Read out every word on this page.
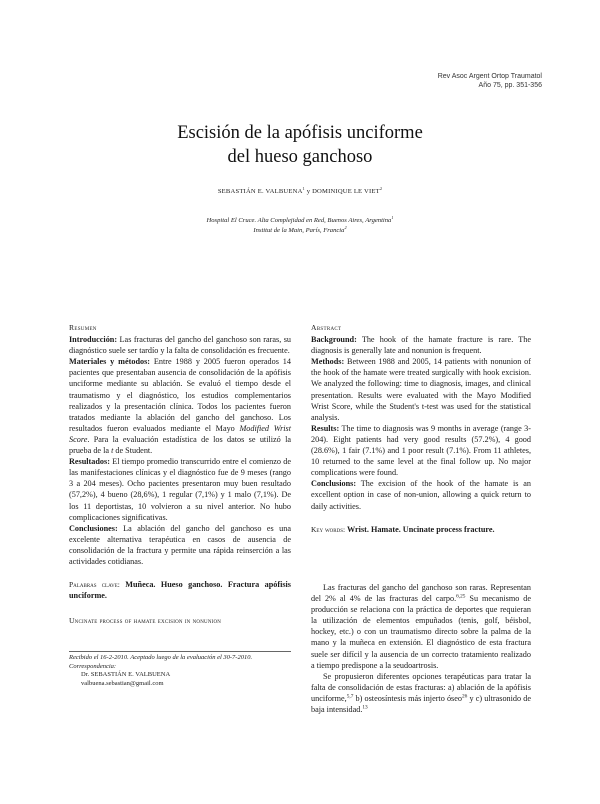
Rev Asoc Argent Ortop Traumatol
Año 75, pp. 351-356
Escisión de la apófisis unciforme
del hueso ganchoso
SEBASTIÁN E. VALBUENA$^1$ y DOMINIQUE LE VIET$^2$
Hospital El Cruce. Alta Complejidad en Red, Buenos Aires, Argentina$^1$
Institut de la Main, París, Francia$^2$
Resumen

Introducción: Las fracturas del gancho del ganchoso son raras, su diagnóstico suele ser tardío y la falta de consolidación es frecuente.

Materiales y métodos: Entre 1988 y 2005 fueron operados 14 pacientes que presentaban ausencia de consolidación de la apófisis unciforme mediante su ablación. Se evaluó el tiempo desde el traumatismo y el diagnóstico, los estudios complementarios realizados y la presentación clínica. Todos los pacientes fueron tratados mediante la ablación del gancho del ganchoso. Los resultados fueron evaluados mediante el Mayo Modified Wrist Score. Para la evaluación estadística de los datos se utilizó la prueba de la t de Student.

Resultados: El tiempo promedio transcurrido entre el comienzo de las manifestaciones clínicas y el diagnóstico fue de 9 meses (rango 3 a 204 meses). Ocho pacientes presentaron muy buen resultado (57,2%), 4 bueno (28,6%), 1 regular (7,1%) y 1 malo (7,1%). De los 11 deportistas, 10 volvieron a su nivel anterior. No hubo complicaciones significativas.

Conclusiones: La ablación del gancho del ganchoso es una excelente alternativa terapéutica en casos de ausencia de consolidación de la fractura y permite una rápida reinserción a las actividades cotidianas.

Palabras clave: Muñeca. Hueso ganchoso. Fractura apófisis unciforme.
Uncinate process of hamate excision in nonunion
Abstract

Background: The hook of the hamate fracture is rare. The diagnosis is generally late and nonunion is frequent.

Methods: Between 1988 and 2005, 14 patients with nonunion of the hook of the hamate were treated surgically with hook excision. We analyzed the following: time to diagnosis, images, and clinical presentation. Results were evaluated with the Mayo Modified Wrist Score, while the Student's t-test was used for the statistical analysis.

Results: The time to diagnosis was 9 months in average (range 3-204). Eight patients had very good results (57.2%), 4 good (28.6%), 1 fair (7.1%) and 1 poor result (7.1%). From 11 athletes, 10 returned to the same level at the final follow up. No major complications were found.

Conclusions: The excision of the hook of the hamate is an excellent option in case of non-union, allowing a quick return to daily activities.

Key words: Wrist. Hamate. Uncinate process fracture.

Las fracturas del gancho del ganchoso son raras. Representan del 2% al 4% de las fracturas del carpo.$^{6,25}$ Su mecanismo de producción se relaciona con la práctica de deportes que requieran la utilización de elementos empuñados (tenis, golf, béisbol, hockey, etc.) o con un traumatismo directo sobre la palma de la mano y la muñeca en extensión. El diagnóstico de esta fractura suele ser difícil y la ausencia de un correcto tratamiento realizado a tiempo predispone a la seudoartrosis.

Se propusieron diferentes opciones terapéuticas para tratar la falta de consolidación de estas fracturas: a) ablación de la apófisis unciforme,$^{5,7}$ b) osteosíntesis más injerto óseo$^{26}$ y c) ultrasonido de baja intensidad.$^{13}$

Recibido el 16-2-2010. Aceptado luego de la evaluación el 30-7-2010.
Correspondencia:
Dr. SEBASTIÁN E. VALBUENA
valbuena.sebastian@gmail.com
